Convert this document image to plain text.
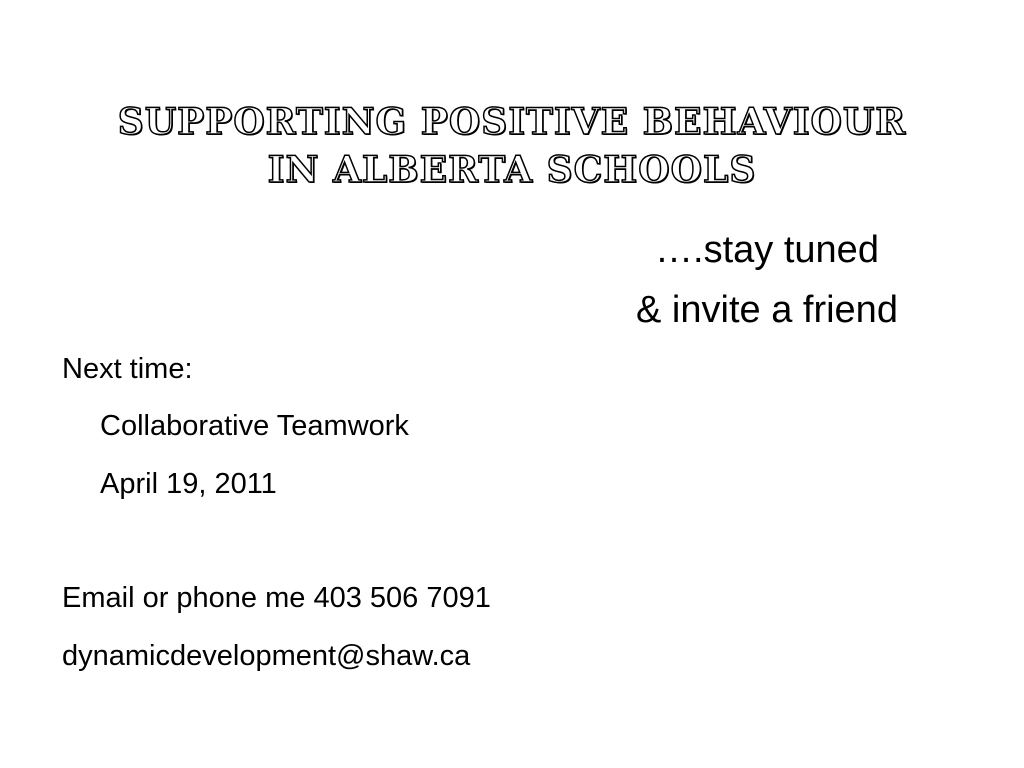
SUPPORTING POSITIVE BEHAVIOUR
IN ALBERTA SCHOOLS
….stay tuned
& invite a friend
Next time:
Collaborative Teamwork
April 19, 2011
Email or phone me 403 506 7091
dynamicdevelopment@shaw.ca
